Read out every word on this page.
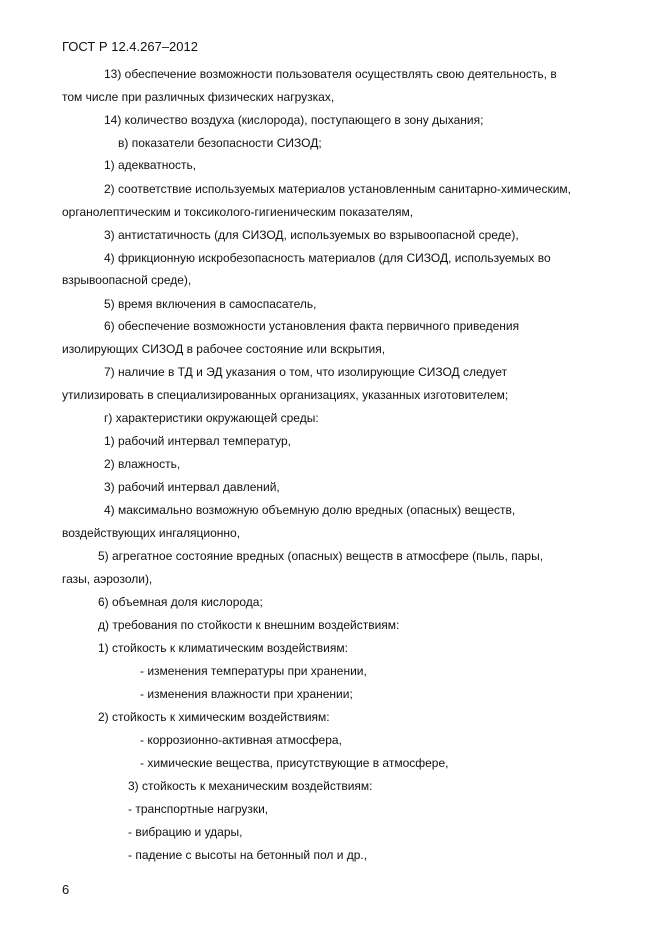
ГОСТ Р 12.4.267–2012
13) обеспечение возможности пользователя осуществлять свою деятельность, в
том числе при различных физических нагрузках,
14) количество воздуха (кислорода), поступающего в зону дыхания;
в) показатели безопасности СИЗОД;
1) адекватность,
2) соответствие используемых материалов установленным санитарно-химическим,
органолептическим и токсиколого-гигиеническим показателям,
3) антистатичность (для СИЗОД, используемых во взрывоопасной среде),
4) фрикционную искробезопасность материалов (для СИЗОД, используемых во
взрывоопасной среде),
5) время включения в самоспасатель,
6) обеспечение возможности установления факта первичного приведения
изолирующих СИЗОД в рабочее состояние или вскрытия,
7) наличие в ТД и ЭД указания о том, что изолирующие СИЗОД следует
утилизировать в специализированных организациях, указанных изготовителем;
г) характеристики окружающей среды:
1) рабочий интервал температур,
2) влажность,
3) рабочий интервал давлений,
4) максимально возможную объемную долю вредных (опасных) веществ,
воздействующих ингаляционно,
5) агрегатное состояние вредных (опасных) веществ в атмосфере (пыль, пары,
газы, аэрозоли),
6) объемная доля кислорода;
д) требования по стойкости к внешним воздействиям:
1) стойкость к климатическим воздействиям:
- изменения температуры при хранении,
- изменения влажности при хранении;
2) стойкость к химическим воздействиям:
- коррозионно-активная атмосфера,
- химические вещества, присутствующие в атмосфере,
3) стойкость к механическим воздействиям:
- транспортные нагрузки,
- вибрацию и удары,
- падение с высоты на бетонный пол и др.,
6
